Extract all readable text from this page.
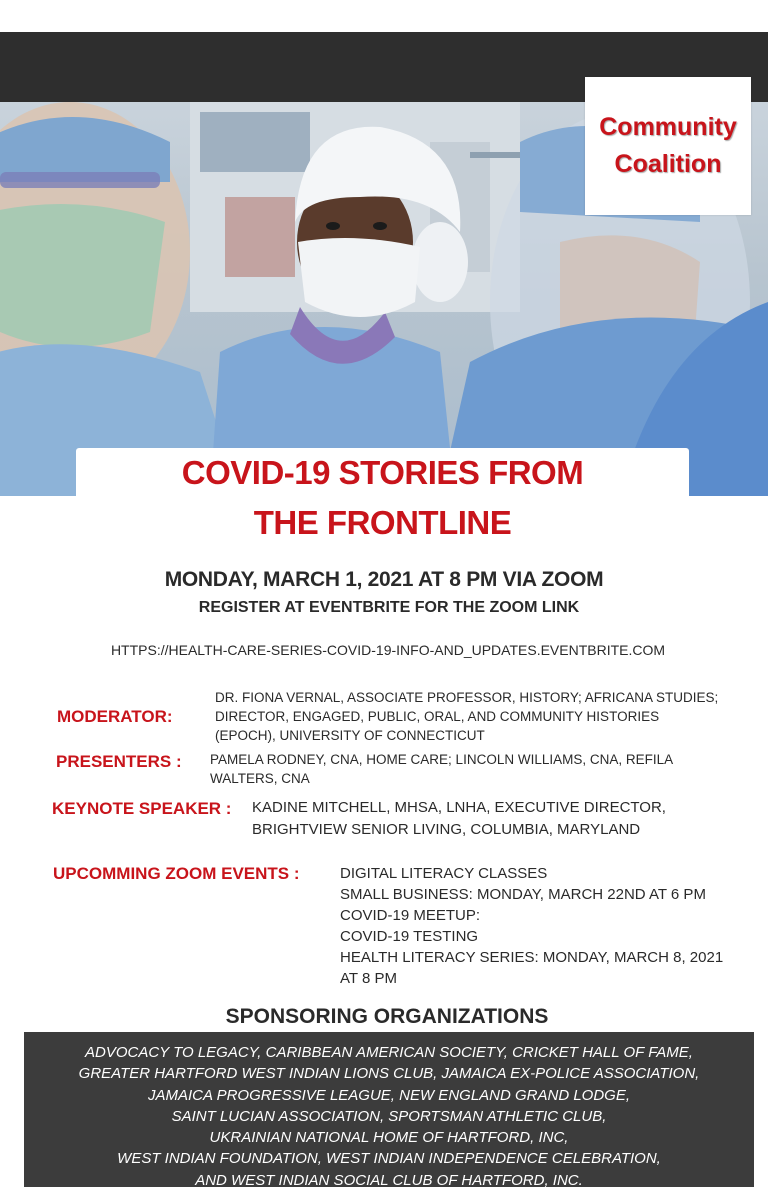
Community
Coalition
COVID-19 STORIES FROM
THE FRONTLINE
MONDAY, MARCH 1, 2021 AT 8 PM VIA ZOOM
REGISTER AT EVENTBRITE FOR THE ZOOM LINK
HTTPS://HEALTH-CARE-SERIES-COVID-19-INFO-AND_UPDATES.EVENTBRITE.COM
MODERATOR:
DR. FIONA VERNAL, ASSOCIATE PROFESSOR, HISTORY; AFRICANA STUDIES;
DIRECTOR, ENGAGED, PUBLIC, ORAL, AND COMMUNITY HISTORIES
(EPOCH), UNIVERSITY OF CONNECTICUT
PRESENTERS : PAMELA RODNEY, CNA, HOME CARE; LINCOLN WILLIAMS, CNA, REFILA
WALTERS, CNA
KEYNOTE SPEAKER : KADINE MITCHELL, MHSA, LNHA, EXECUTIVE DIRECTOR,
BRIGHTVIEW SENIOR LIVING, COLUMBIA, MARYLAND
UPCOMMING ZOOM EVENTS :	DIGITAL LITERACY CLASSES
SMALL BUSINESS: MONDAY, MARCH 22ND AT 6 PM
COVID-19 MEETUP:
COVID-19 TESTING
HEALTH LITERACY SERIES: MONDAY, MARCH 8, 2021
AT 8 PM
SPONSORING ORGANIZATIONS
ADVOCACY TO LEGACY, CARIBBEAN AMERICAN SOCIETY, CRICKET HALL OF FAME,
GREATER HARTFORD WEST INDIAN LIONS CLUB, JAMAICA EX-POLICE ASSOCIATION,
JAMAICA PROGRESSIVE LEAGUE, NEW ENGLAND GRAND LODGE,
SAINT LUCIAN ASSOCIATION, SPORTSMAN ATHLETIC CLUB,
UKRAINIAN NATIONAL HOME OF HARTFORD, INC,
WEST INDIAN FOUNDATION, WEST INDIAN INDEPENDENCE CELEBRATION,
AND WEST INDIAN SOCIAL CLUB OF HARTFORD, INC.
